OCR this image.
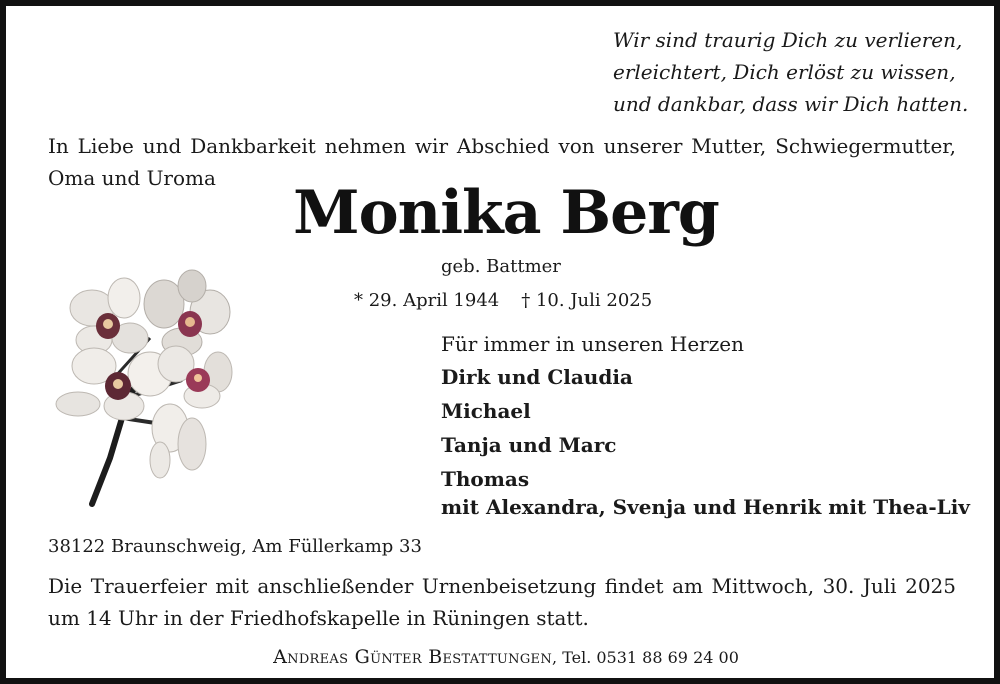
Wir sind traurig Dich zu verlieren,
erleichtert, Dich erlöst zu wissen,
und dankbar, dass wir Dich hatten.
In Liebe und Dankbarkeit nehmen wir Abschied von unserer Mutter, Schwiegermutter, Oma und Uroma	Monika Berg
geb. Battmer
* 29. April 1944 † 10. Juli 2025
Für immer in unseren Herzen
Dirk und Claudia
Michael
Tanja und Marc
Thomas
mit Alexandra, Svenja und Henrik mit Thea-Liv
38122 Braunschweig, Am Füllerkamp 33
Die Trauerfeier mit anschließender Urnenbeisetzung findet am Mittwoch, 30. Juli 2025 um 14 Uhr in der Friedhofskapelle in Rüningen statt.
Andreas Günter Bestattungen, Tel. 0531 88 69 24 00
